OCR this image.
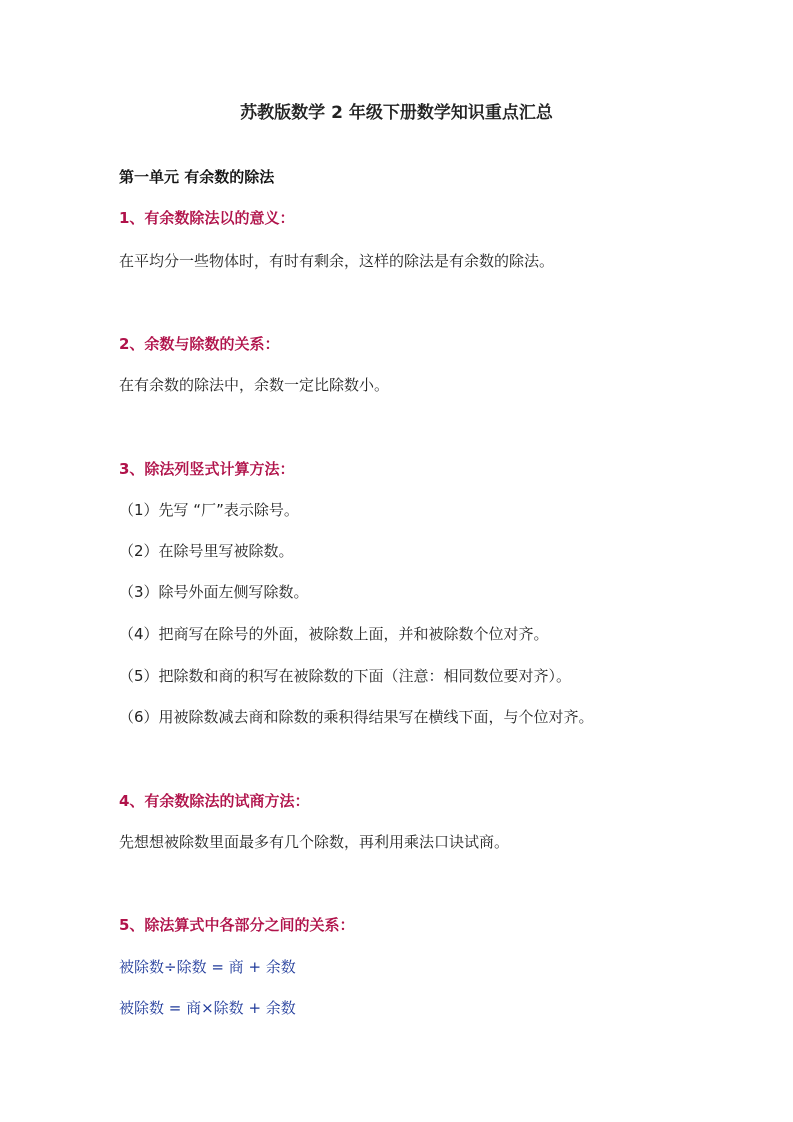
苏教版数学 2 年级下册数学知识重点汇总
第一单元 有余数的除法
1、有余数除法以的意义：
在平均分一些物体时，有时有剩余，这样的除法是有余数的除法。
2、余数与除数的关系：
在有余数的除法中，余数一定比除数小。
3、除法列竖式计算方法：
（1）先写 “厂”表示除号。
（2）在除号里写被除数。
（3）除号外面左侧写除数。
（4）把商写在除号的外面，被除数上面，并和被除数个位对齐。
（5）把除数和商的积写在被除数的下面（注意：相同数位要对齐）。
（6）用被除数减去商和除数的乘积得结果写在横线下面，与个位对齐。
4、有余数除法的试商方法：
先想想被除数里面最多有几个除数，再利用乘法口诀试商。
5、除法算式中各部分之间的关系：
被除数÷除数 = 商 + 余数
被除数 = 商×除数 + 余数
